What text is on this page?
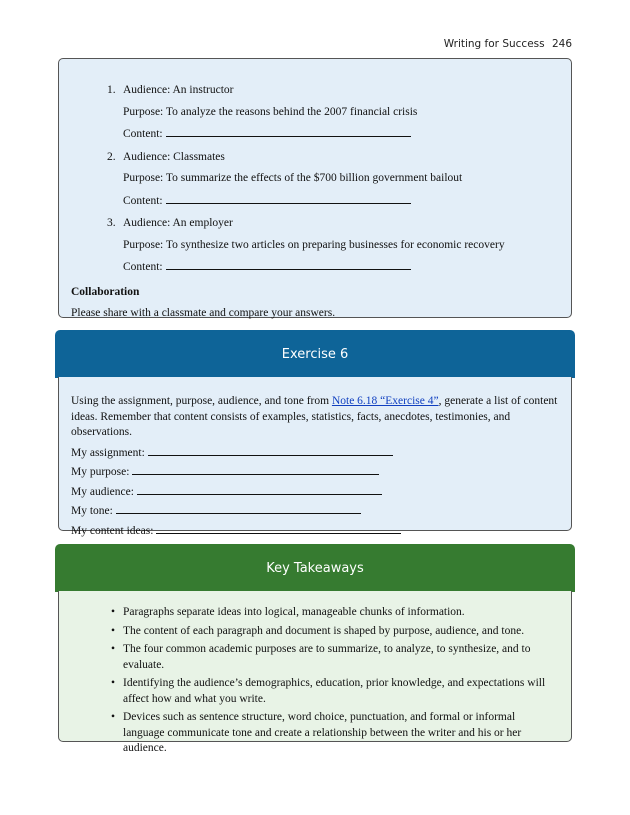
Writing for Success 246
1. Audience: An instructor

Purpose: To analyze the reasons behind the 2007 financial crisis

Content:

2. Audience: Classmates

Purpose: To summarize the effects of the $700 billion government bailout

Content:

3. Audience: An employer

Purpose: To synthesize two articles on preparing businesses for economic recovery

Content:

Collaboration

Please share with a classmate and compare your answers.

Exercise 6

Using the assignment, purpose, audience, and tone from Note 6.18 “Exercise 4”, generate a list of content ideas. Remember that content consists of examples, statistics, facts, anecdotes, testimonies, and observations.

My assignment:

My purpose:

My audience:

My tone:

My content ideas:

Key Takeaways
• Paragraphs separate ideas into logical, manageable chunks of information.
• The content of each paragraph and document is shaped by purpose, audience, and tone.
• The four common academic purposes are to summarize, to analyze, to synthesize, and to evaluate.
• Identifying the audience’s demographics, education, prior knowledge, and expectations will affect how and what you write.
• Devices such as sentence structure, word choice, punctuation, and formal or informal language communicate tone and create a relationship between the writer and his or her audience.
